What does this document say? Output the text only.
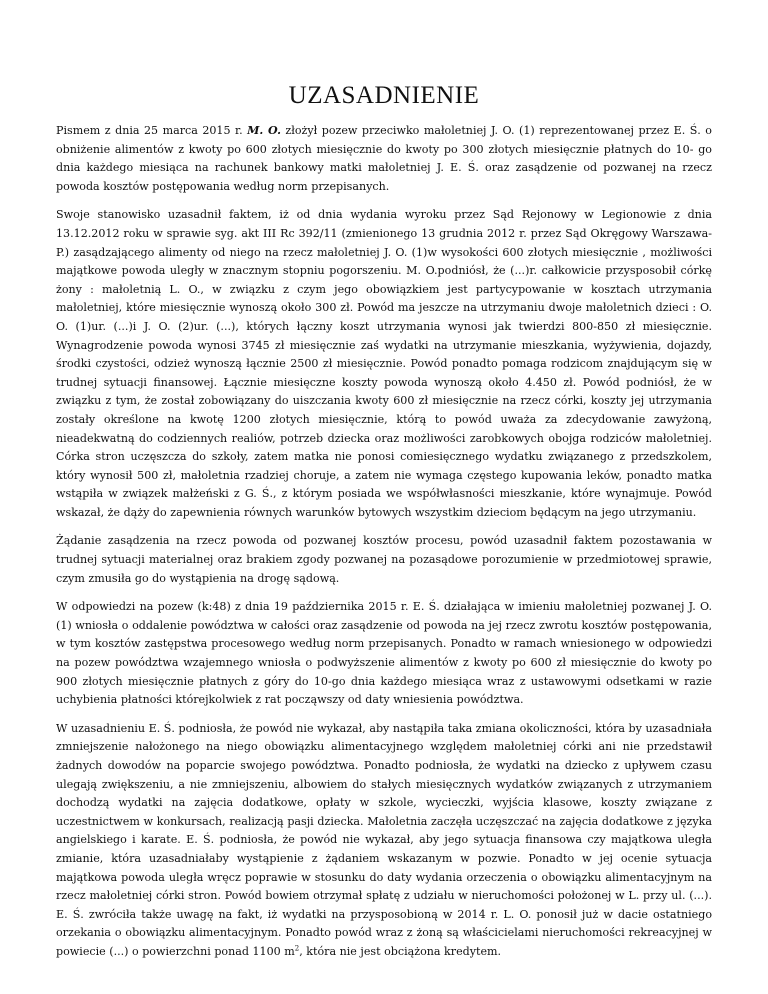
UZASADNIENIE

Pismem z dnia 25 marca 2015 r. M. O. złożył pozew przeciwko małoletniej J. O. (1) reprezentowanej przez E. Ś. o obniżenie alimentów z kwoty po 600 złotych miesięcznie do kwoty po 300 złotych miesięcznie płatnych do 10- go dnia każdego miesiąca na rachunek bankowy matki małoletniej J. E. Ś. oraz zasądzenie od pozwanej na rzecz powoda kosztów postępowania według norm przepisanych.

Swoje stanowisko uzasadnił faktem, iż od dnia wydania wyroku przez Sąd Rejonowy w Legionowie z dnia 13.12.2012 roku w sprawie syg. akt III Rc 392/11 (zmienionego 13 grudnia 2012 r. przez Sąd Okręgowy Warszawa- P.) zasądzającego alimenty od niego na rzecz małoletniej J. O. (1)w wysokości 600 złotych miesięcznie , możliwości majątkowe powoda uległy w znacznym stopniu pogorszeniu. M. O.podniósł, że (...)r. całkowicie przysposobił córkę żony : małoletnią L. O., w związku z czym jego obowiązkiem jest partycypowanie w kosztach utrzymania małoletniej, które miesięcznie wynoszą około 300 zł. Powód ma jeszcze na utrzymaniu dwoje małoletnich dzieci : O. O. (1)ur. (...)i J. O. (2)ur. (...), których łączny koszt utrzymania wynosi jak twierdzi 800-850 zł miesięcznie. Wynagrodzenie powoda wynosi 3745 zł miesięcznie zaś wydatki na utrzymanie mieszkania, wyżywienia, dojazdy, środki czystości, odzież wynoszą łącznie 2500 zł miesięcznie. Powód ponadto pomaga rodzicom znajdującym się w trudnej sytuacji finansowej. Łącznie miesięczne koszty powoda wynoszą około 4.450 zł. Powód podniósł, że w związku z tym, że został zobowiązany do uiszczania kwoty 600 zł miesięcznie na rzecz córki, koszty jej utrzymania zostały określone na kwotę 1200 złotych miesięcznie, którą to powód uważa za zdecydowanie zawyżoną, nieadekwatną do codziennych realiów, potrzeb dziecka oraz możliwości zarobkowych obojga rodziców małoletniej. Córka stron uczęszcza do szkoły, zatem matka nie ponosi comiesięcznego wydatku związanego z przedszkolem, który wynosił 500 zł, małoletnia rzadziej choruje, a zatem nie wymaga częstego kupowania leków, ponadto matka wstąpiła w związek małżeński z G. Ś., z którym posiada we współwłasności mieszkanie, które wynajmuje. Powód wskazał, że dąży do zapewnienia równych warunków bytowych wszystkim dzieciom będącym na jego utrzymaniu.

Żądanie zasądzenia na rzecz powoda od pozwanej kosztów procesu, powód uzasadnił faktem pozostawania w trudnej sytuacji materialnej oraz brakiem zgody pozwanej na pozasądowe porozumienie w przedmiotowej sprawie, czym zmusiła go do wystąpienia na drogę sądową.

W odpowiedzi na pozew (k:48) z dnia 19 października 2015 r. E. Ś. działająca w imieniu małoletniej pozwanej J. O. (1) wniosła o oddalenie powództwa w całości oraz zasądzenie od powoda na jej rzecz zwrotu kosztów postępowania, w tym kosztów zastępstwa procesowego według norm przepisanych. Ponadto w ramach wniesionego w odpowiedzi na pozew powództwa wzajemnego wniosła o podwyższenie alimentów z kwoty po 600 zł miesięcznie do kwoty po 900 złotych miesięcznie płatnych z góry do 10-go dnia każdego miesiąca wraz z ustawowymi odsetkami w razie uchybienia płatności którejkolwiek z rat począwszy od daty wniesienia powództwa.

W uzasadnieniu E. Ś. podniosła, że powód nie wykazał, aby nastąpiła taka zmiana okoliczności, która by uzasadniała zmniejszenie nałożonego na niego obowiązku alimentacyjnego względem małoletniej córki ani nie przedstawił żadnych dowodów na poparcie swojego powództwa. Ponadto podniosła, że wydatki na dziecko z upływem czasu ulegają zwiększeniu, a nie zmniejszeniu, albowiem do stałych miesięcznych wydatków związanych z utrzymaniem dochodzą wydatki na zajęcia dodatkowe, opłaty w szkole, wycieczki, wyjścia klasowe, koszty związane z uczestnictwem w konkursach, realizacją pasji dziecka. Małoletnia zaczęła uczęszczać na zajęcia dodatkowe z języka angielskiego i karate. E. Ś. podniosła, że powód nie wykazał, aby jego sytuacja finansowa czy majątkowa uległa zmianie, która uzasadniałaby wystąpienie z żądaniem wskazanym w pozwie. Ponadto w jej ocenie sytuacja majątkowa powoda uległa wręcz poprawie w stosunku do daty wydania orzeczenia o obowiązku alimentacyjnym na rzecz małoletniej córki stron. Powód bowiem otrzymał spłatę z udziału w nieruchomości położonej w L. przy ul. (...). E. Ś. zwróciła także uwagę na fakt, iż wydatki na przysposobioną w 2014 r. L. O. ponosił już w dacie ostatniego orzekania o obowiązku alimentacyjnym. Ponadto powód wraz z żoną są właścicielami nieruchomości rekreacyjnej w powiecie (...) o powierzchni ponad 1100 $m^2$, która nie jest obciążona kredytem.
